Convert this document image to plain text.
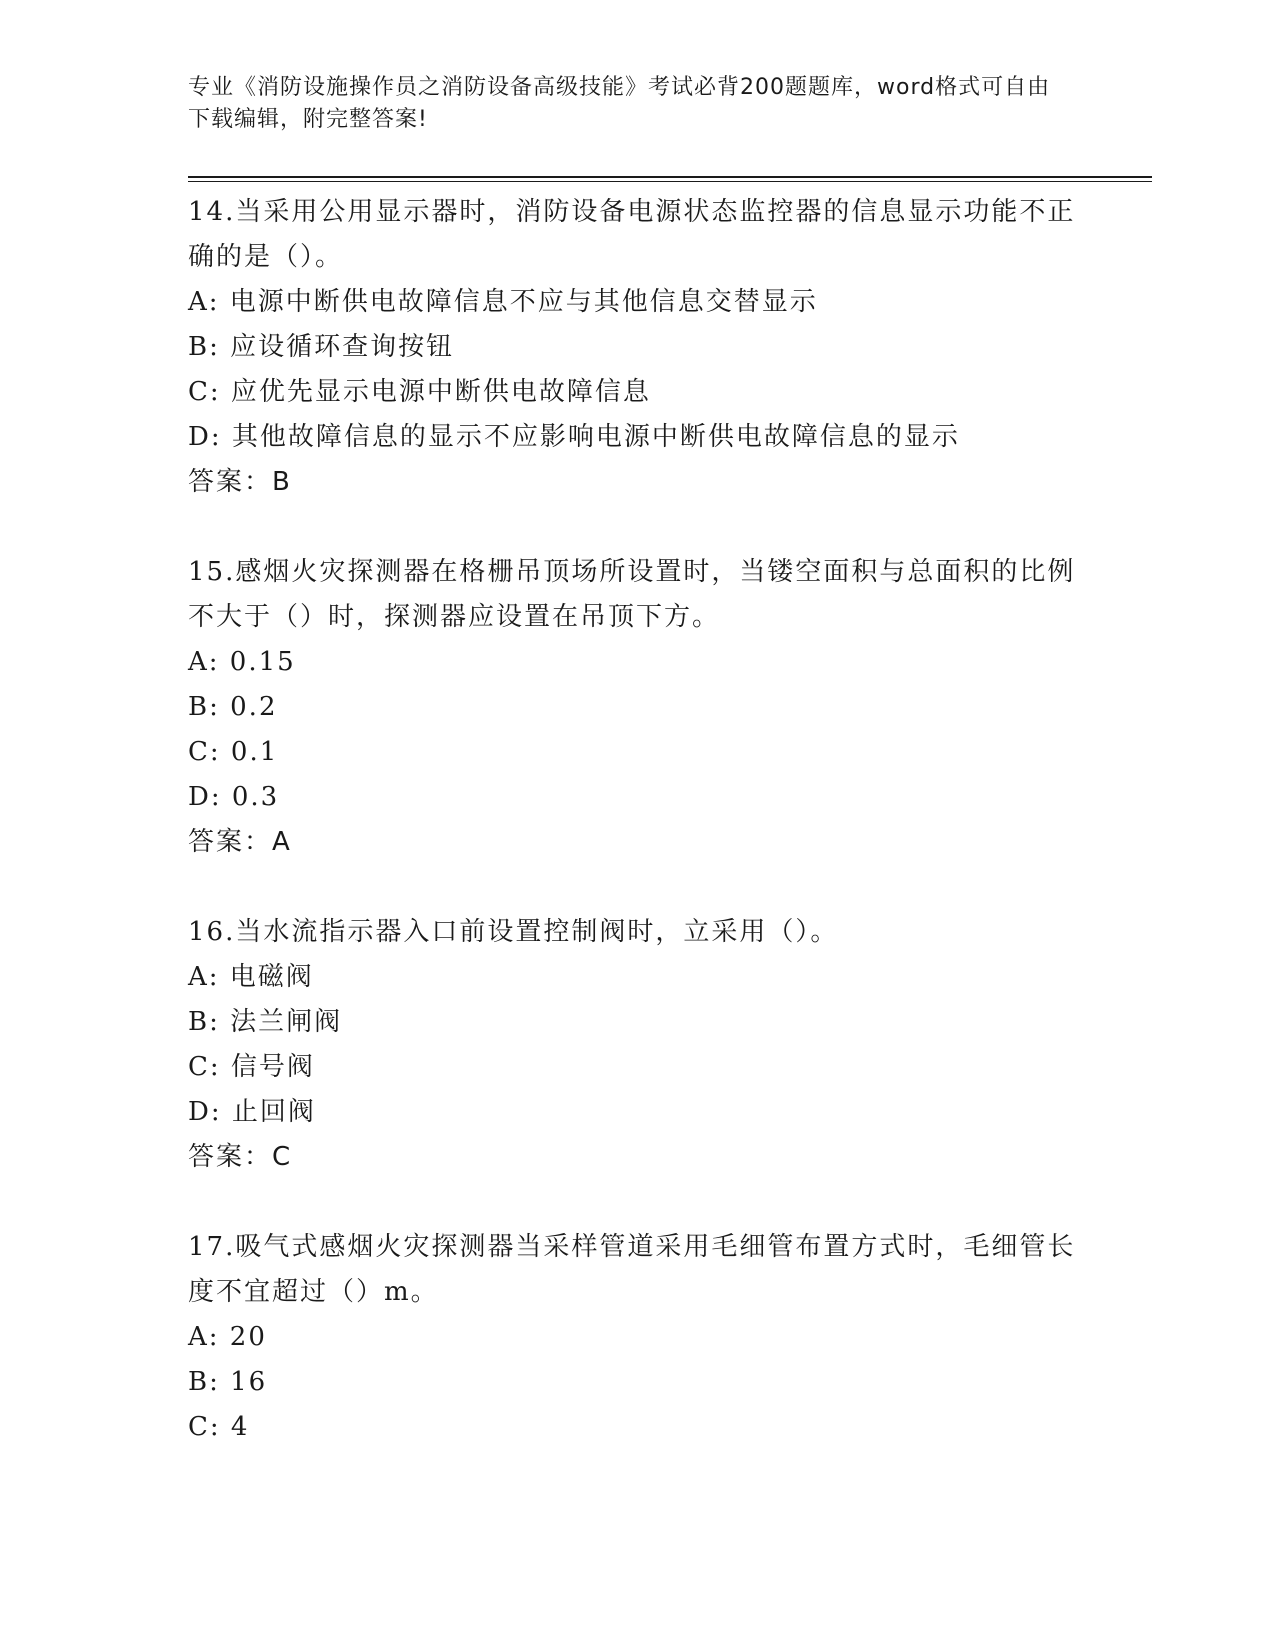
专业《消防设施操作员之消防设备高级技能》考试必背200题题库，word格式可自由下载编辑，附完整答案!

14.当采用公用显示器时，消防设备电源状态监控器的信息显示功能不正确的是（）。

A: 电源中断供电故障信息不应与其他信息交替显示

B: 应设循环查询按钮

C: 应优先显示电源中断供电故障信息

D: 其他故障信息的显示不应影响电源中断供电故障信息的显示

答案：B

15.感烟火灾探测器在格栅吊顶场所设置时，当镂空面积与总面积的比例不大于（）时，探测器应设置在吊顶下方。

A: 0.15

B: 0.2

C: 0.1

D: 0.3

答案：A

16.当水流指示器入口前设置控制阀时，立采用（）。

A: 电磁阀

B: 法兰闸阀

C: 信号阀

D: 止回阀

答案：C

17.吸气式感烟火灾探测器当采样管道采用毛细管布置方式时，毛细管长度不宜超过（）m。

A: 20

B: 16

C: 4
